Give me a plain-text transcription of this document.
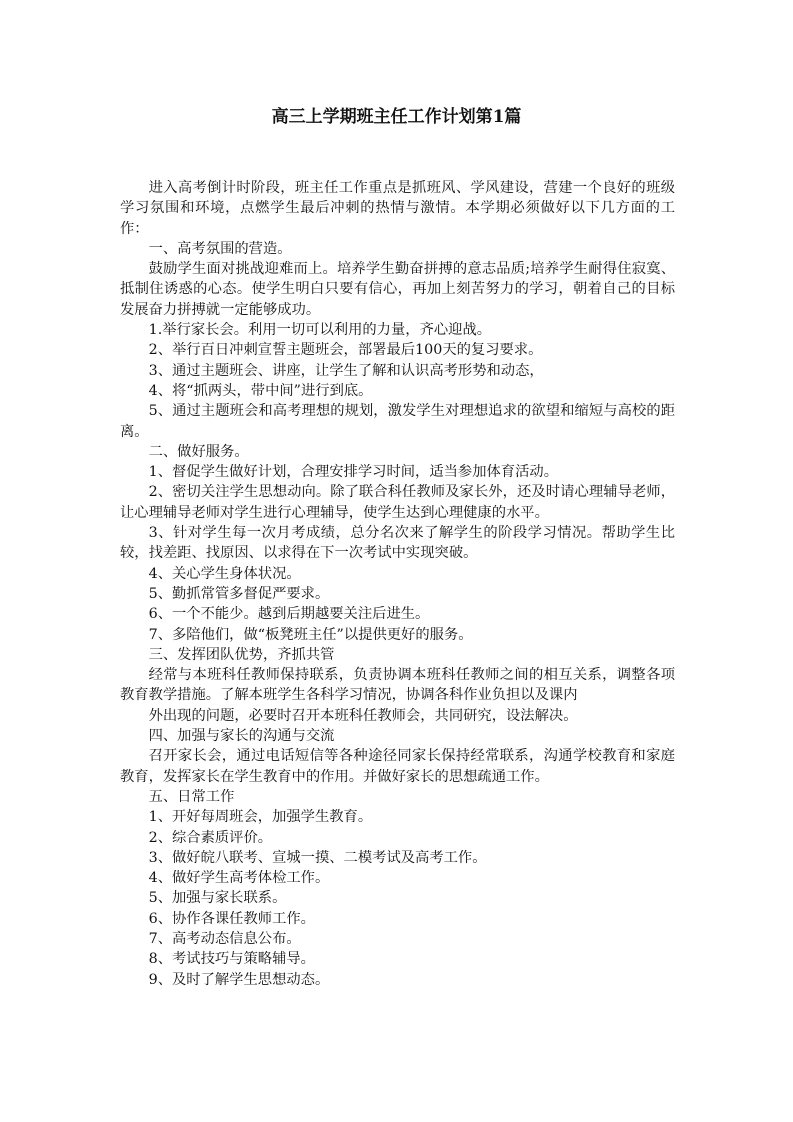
高三上学期班主任工作计划第1篇

进入高考倒计时阶段，班主任工作重点是抓班风、学风建设，营建一个良好的班级学习氛围和环境，点燃学生最后冲刺的热情与激情。本学期必须做好以下几方面的工作：

一、高考氛围的营造。

鼓励学生面对挑战迎难而上。培养学生勤奋拼搏的意志品质;培养学生耐得住寂寞、抵制住诱惑的心态。使学生明白只要有信心，再加上刻苦努力的学习，朝着自己的目标发展奋力拼搏就一定能够成功。

1.举行家长会。利用一切可以利用的力量，齐心迎战。

2、举行百日冲刺宣誓主题班会，部署最后100天的复习要求。

3、通过主题班会、讲座，让学生了解和认识高考形势和动态，

4、将“抓两头，带中间”进行到底。

5、通过主题班会和高考理想的规划，激发学生对理想追求的欲望和缩短与高校的距离。

二、做好服务。

1、督促学生做好计划，合理安排学习时间，适当参加体育活动。

2、密切关注学生思想动向。除了联合科任教师及家长外，还及时请心理辅导老师，让心理辅导老师对学生进行心理辅导，使学生达到心理健康的水平。

3、针对学生每一次月考成绩，总分名次来了解学生的阶段学习情况。帮助学生比较，找差距、找原因、以求得在下一次考试中实现突破。

4、关心学生身体状况。

5、勤抓常管多督促严要求。

6、一个不能少。越到后期越要关注后进生。

7、多陪他们，做“板凳班主任”以提供更好的服务。

三、发挥团队优势，齐抓共管

经常与本班科任教师保持联系，负责协调本班科任教师之间的相互关系，调整各项教育教学措施。了解本班学生各科学习情况，协调各科作业负担以及课内

外出现的问题，必要时召开本班科任教师会，共同研究，设法解决。

四、加强与家长的沟通与交流

召开家长会，通过电话短信等各种途径同家长保持经常联系，沟通学校教育和家庭教育，发挥家长在学生教育中的作用。并做好家长的思想疏通工作。

五、日常工作

1、开好每周班会，加强学生教育。

2、综合素质评价。

3、做好皖八联考、宣城一摸、二模考试及高考工作。

4、做好学生高考体检工作。

5、加强与家长联系。

6、协作各课任教师工作。

7、高考动态信息公布。

8、考试技巧与策略辅导。

9、及时了解学生思想动态。
